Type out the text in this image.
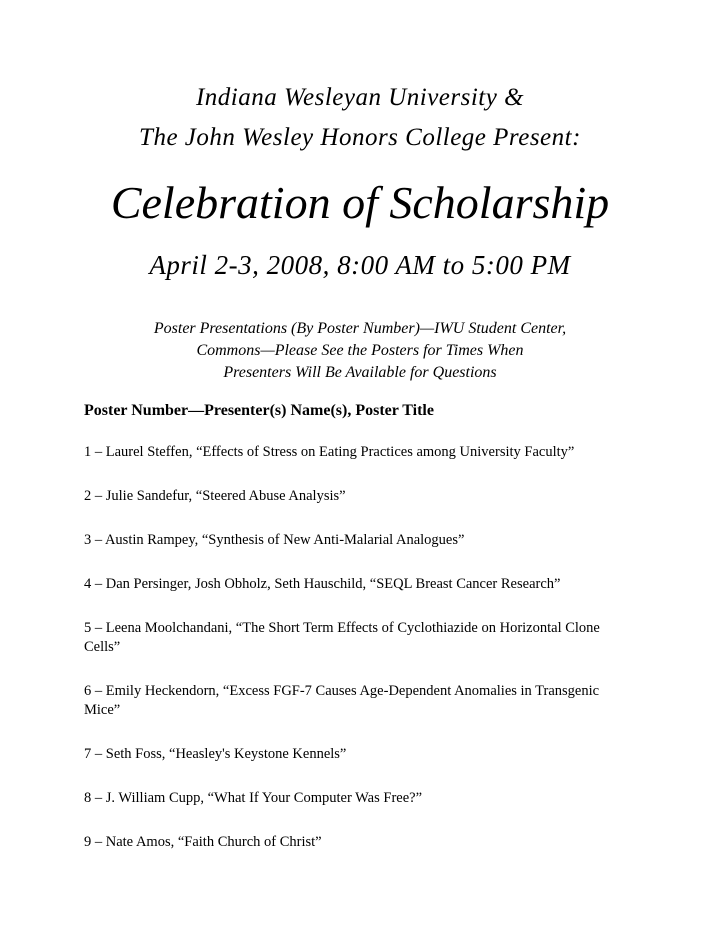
Indiana Wesleyan University &
The John Wesley Honors College Present:
Celebration of Scholarship
April 2-3, 2008, 8:00 AM to 5:00 PM
Poster Presentations (By Poster Number)—IWU Student Center,
Commons—Please See the Posters for Times When
Presenters Will Be Available for Questions
Poster Number—Presenter(s) Name(s), Poster Title
1 – Laurel Steffen, “Effects of Stress on Eating Practices among University Faculty”
2 – Julie Sandefur, “Steered Abuse Analysis”
3 – Austin Rampey, “Synthesis of New Anti-Malarial Analogues”
4 – Dan Persinger, Josh Obholz, Seth Hauschild, “SEQL Breast Cancer Research”
5 – Leena Moolchandani, “The Short Term Effects of Cyclothiazide on Horizontal Clone Cells”
6 – Emily Heckendorn, “Excess FGF-7 Causes Age-Dependent Anomalies in Transgenic Mice”
7 – Seth Foss, “Heasley's Keystone Kennels”
8 – J. William Cupp, “What If Your Computer Was Free?”
9 – Nate Amos, “Faith Church of Christ”
